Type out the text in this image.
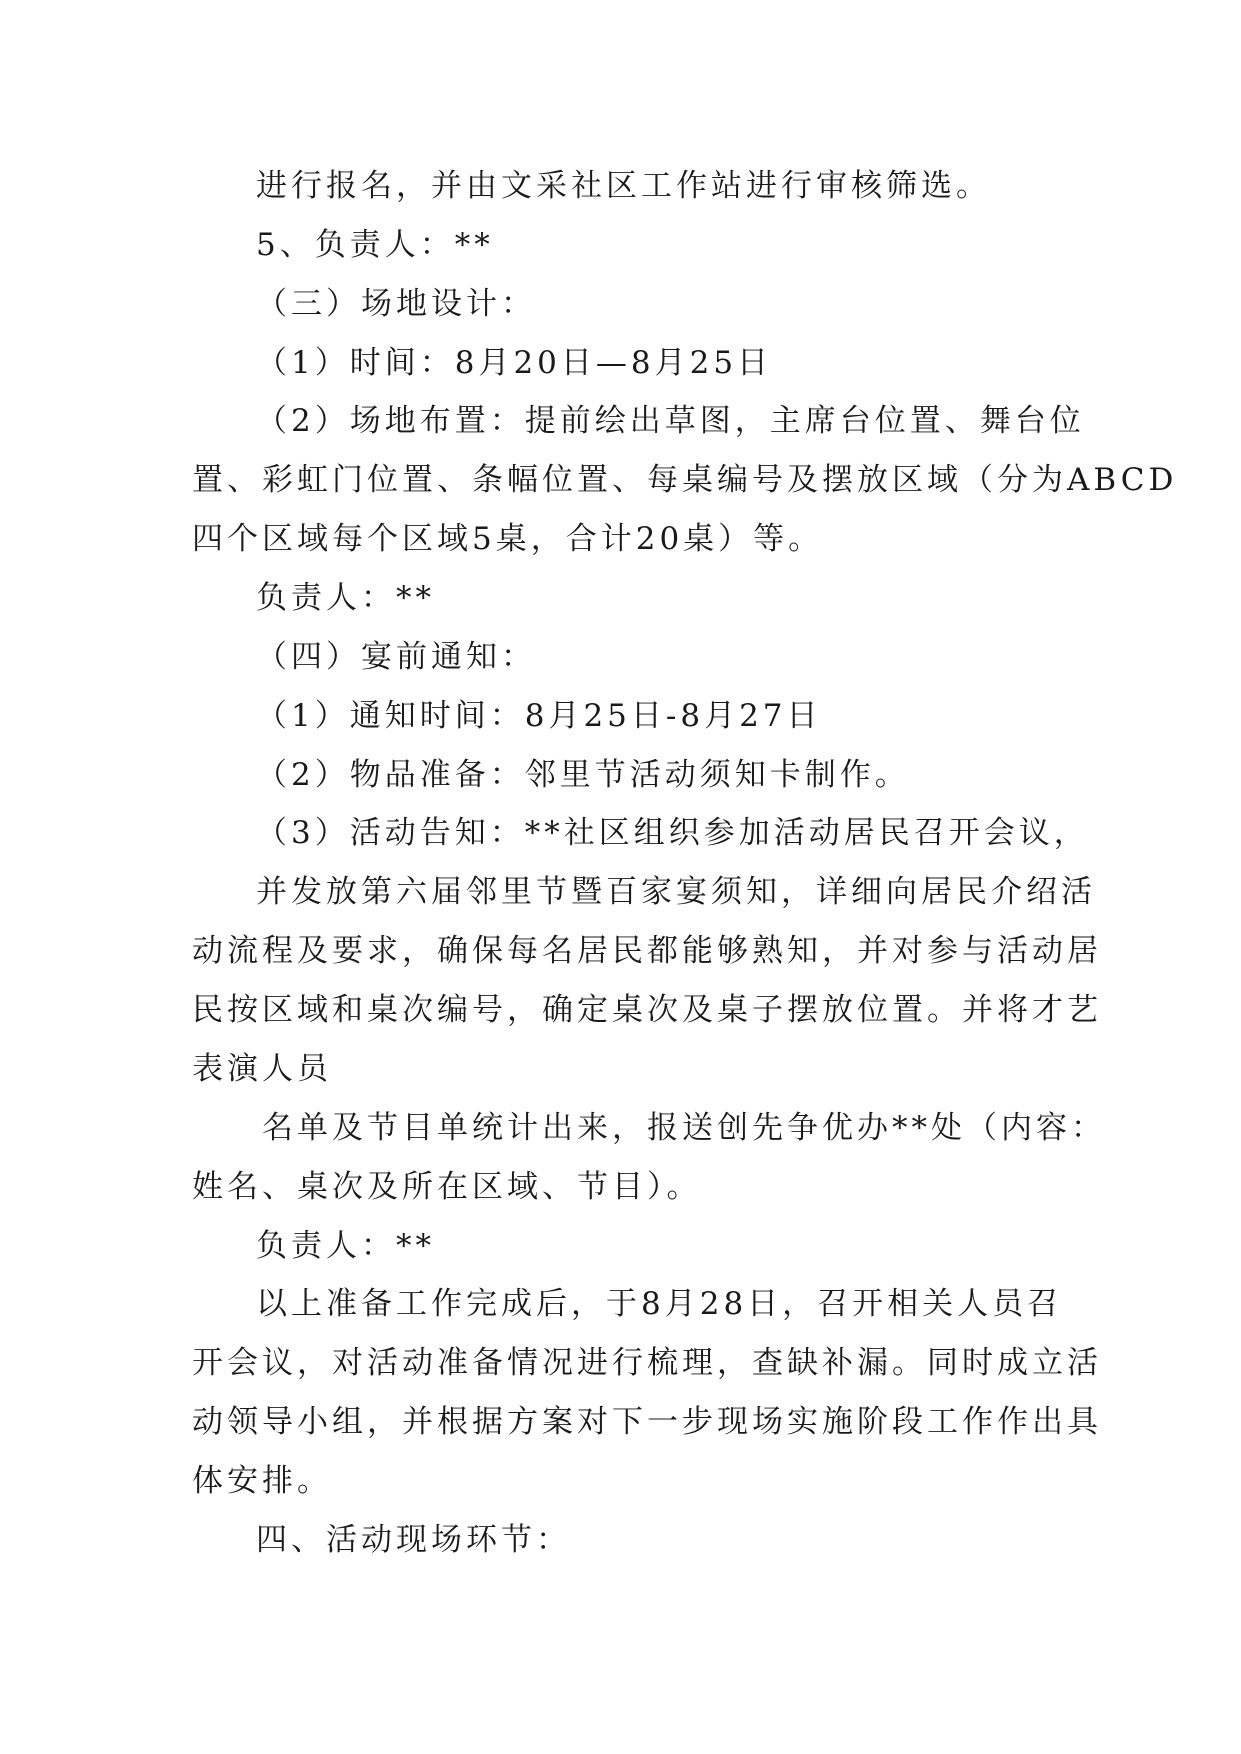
进行报名，并由文采社区工作站进行审核筛选。
5、负责人：**
（三）场地设计：
（1）时间：8月20日—8月25日
（2）场地布置：提前绘出草图，主席台位置、舞台位
置、彩虹门位置、条幅位置、每桌编号及摆放区域（分为ABCD
四个区域每个区域5桌，合计20桌）等。
负责人：**
（四）宴前通知：
（1）通知时间：8月25日-8月27日
（2）物品准备：邻里节活动须知卡制作。
（3）活动告知：**社区组织参加活动居民召开会议，
并发放第六届邻里节暨百家宴须知，详细向居民介绍活
动流程及要求，确保每名居民都能够熟知，并对参与活动居
民按区域和桌次编号，确定桌次及桌子摆放位置。并将才艺
表演人员
名单及节目单统计出来，报送创先争优办**处（内容：
姓名、桌次及所在区域、节目）。
负责人：**
以上准备工作完成后，于8月28日，召开相关人员召
开会议，对活动准备情况进行梳理，查缺补漏。同时成立活
动领导小组，并根据方案对下一步现场实施阶段工作作出具
体安排。
四、活动现场环节：
